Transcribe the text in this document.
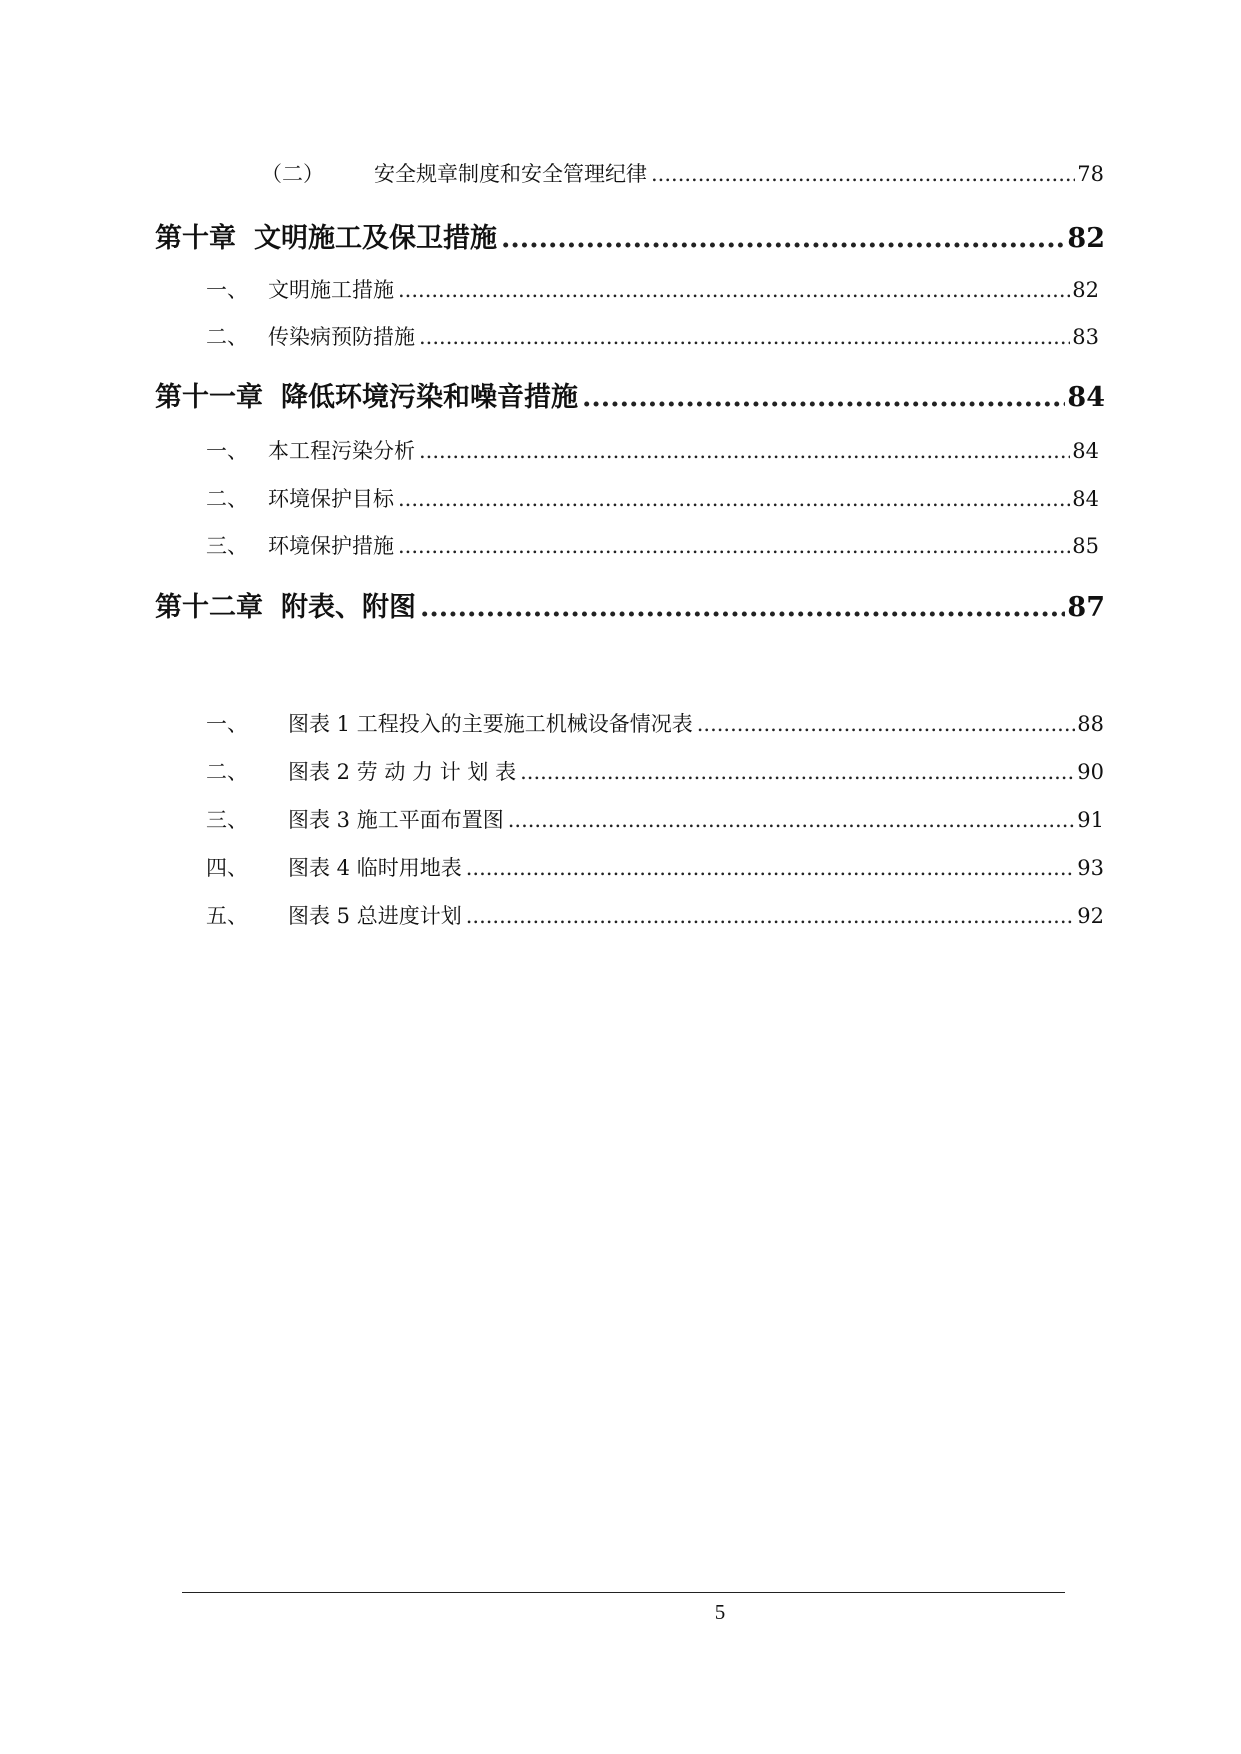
（二）	安全规章制度和安全管理纪律 .....	78
第十章 文明施工及保卫措施 .....	82
一、 文明施工措施 .....	82
二、 传染病预防措施 .....	83
第十一章 降低环境污染和噪音措施 .....	84
一、 本工程污染分析 .....	84
二、 环境保护目标 .....	84
三、 环境保护措施 .....	85
第十二章 附表、附图 .....	87
一、	图表 1 工程投入的主要施工机械设备情况表 .....	88
二、	图表 2 劳 动 力 计 划 表 .....	90
三、	图表 3 施工平面布置图 .....	91
四、	图表 4 临时用地表 .....	93
五、	图表 5 总进度计划 .....	92
5
